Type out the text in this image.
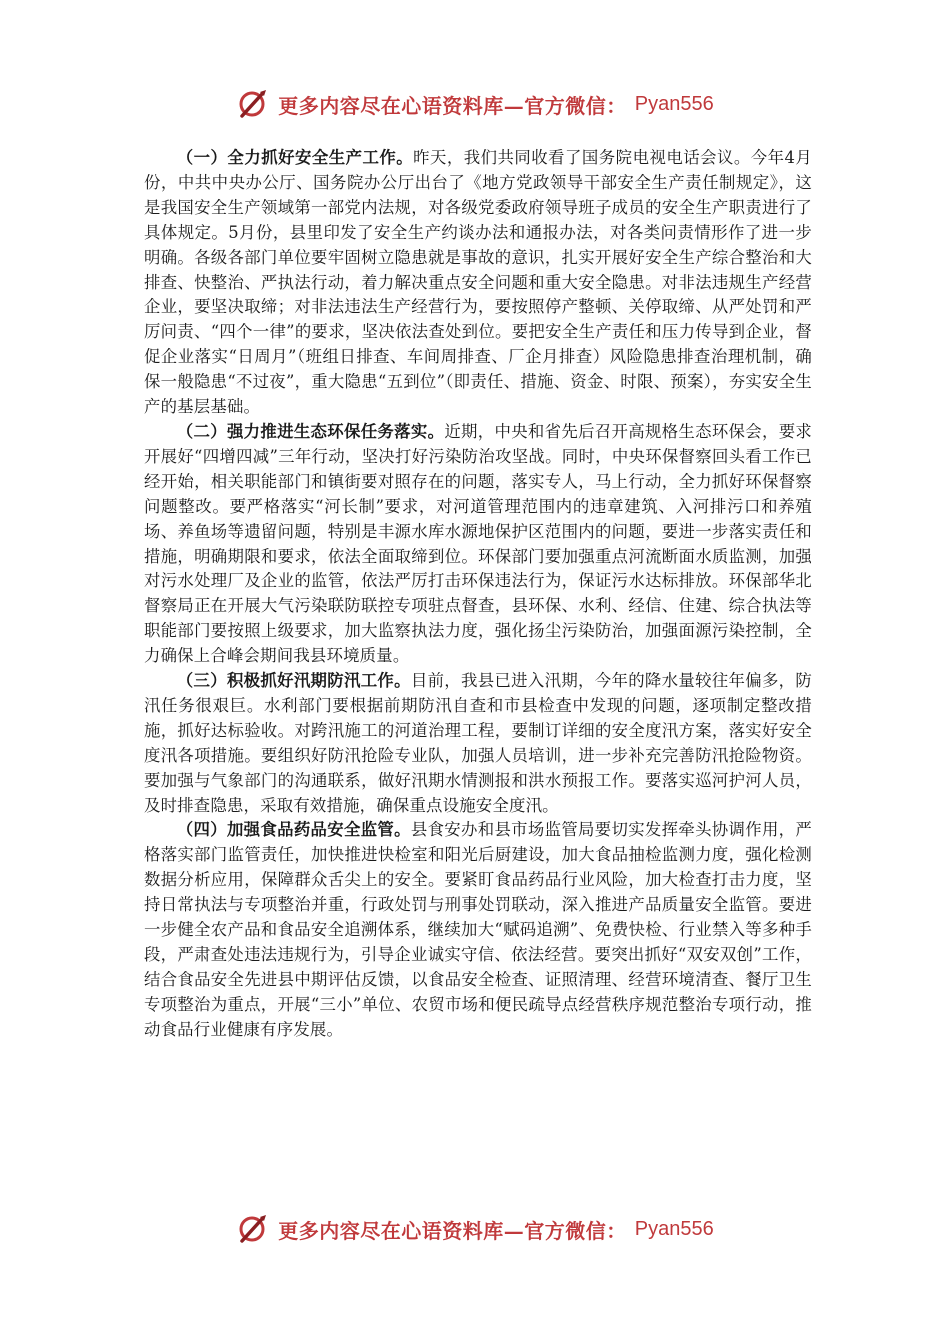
更多内容尽在心语资料库—官方微信： Pyan556

（一）全力抓好安全生产工作。昨天，我们共同收看了国务院电视电话会议。今年4月份，中共中央办公厅、国务院办公厅出台了《地方党政领导干部安全生产责任制规定》，这是我国安全生产领域第一部党内法规，对各级党委政府领导班子成员的安全生产职责进行了具体规定。5月份，县里印发了安全生产约谈办法和通报办法，对各类问责情形作了进一步明确。各级各部门单位要牢固树立隐患就是事故的意识，扎实开展好安全生产综合整治和大排查、快整治、严执法行动，着力解决重点安全问题和重大安全隐患。对非法违规生产经营企业，要坚决取缔；对非法违法生产经营行为，要按照停产整顿、关停取缔、从严处罚和严厉问责、“四个一律”的要求，坚决依法查处到位。要把安全生产责任和压力传导到企业，督促企业落实“日周月”（班组日排查、车间周排查、厂企月排查）风险隐患排查治理机制，确保一般隐患“不过夜”，重大隐患“五到位”（即责任、措施、资金、时限、预案），夯实安全生产的基层基础。

（二）强力推进生态环保任务落实。近期，中央和省先后召开高规格生态环保会，要求开展好“四增四减”三年行动，坚决打好污染防治攻坚战。同时，中央环保督察回头看工作已经开始，相关职能部门和镇街要对照存在的问题，落实专人，马上行动，全力抓好环保督察问题整改。要严格落实“河长制”要求，对河道管理范围内的违章建筑、入河排污口和养殖场、养鱼场等遗留问题，特别是丰源水库水源地保护区范围内的问题，要进一步落实责任和措施，明确期限和要求，依法全面取缔到位。环保部门要加强重点河流断面水质监测，加强对污水处理厂及企业的监管，依法严厉打击环保违法行为，保证污水达标排放。环保部华北督察局正在开展大气污染联防联控专项驻点督查，县环保、水利、经信、住建、综合执法等职能部门要按照上级要求，加大监察执法力度，强化扬尘污染防治，加强面源污染控制，全力确保上合峰会期间我县环境质量。

（三）积极抓好汛期防汛工作。目前，我县已进入汛期，今年的降水量较往年偏多，防汛任务很艰巨。水利部门要根据前期防汛自查和市县检查中发现的问题，逐项制定整改措施，抓好达标验收。对跨汛施工的河道治理工程，要制订详细的安全度汛方案，落实好安全度汛各项措施。要组织好防汛抢险专业队，加强人员培训，进一步补充完善防汛抢险物资。要加强与气象部门的沟通联系，做好汛期水情测报和洪水预报工作。要落实巡河护河人员，及时排查隐患，采取有效措施，确保重点设施安全度汛。

（四）加强食品药品安全监管。县食安办和县市场监管局要切实发挥牵头协调作用，严格落实部门监管责任，加快推进快检室和阳光后厨建设，加大食品抽检监测力度，强化检测数据分析应用，保障群众舌尖上的安全。要紧盯食品药品行业风险，加大检查打击力度，坚持日常执法与专项整治并重，行政处罚与刑事处罚联动，深入推进产品质量安全监管。要进一步健全农产品和食品安全追溯体系，继续加大“赋码追溯”、免费快检、行业禁入等多种手段，严肃查处违法违规行为，引导企业诚实守信、依法经营。要突出抓好“双安双创”工作，结合食品安全先进县中期评估反馈，以食品安全检查、证照清理、经营环境清查、餐厅卫生专项整治为重点，开展“三小”单位、农贸市场和便民疏导点经营秩序规范整治专项行动，推动食品行业健康有序发展。

更多内容尽在心语资料库—官方微信： Pyan556
